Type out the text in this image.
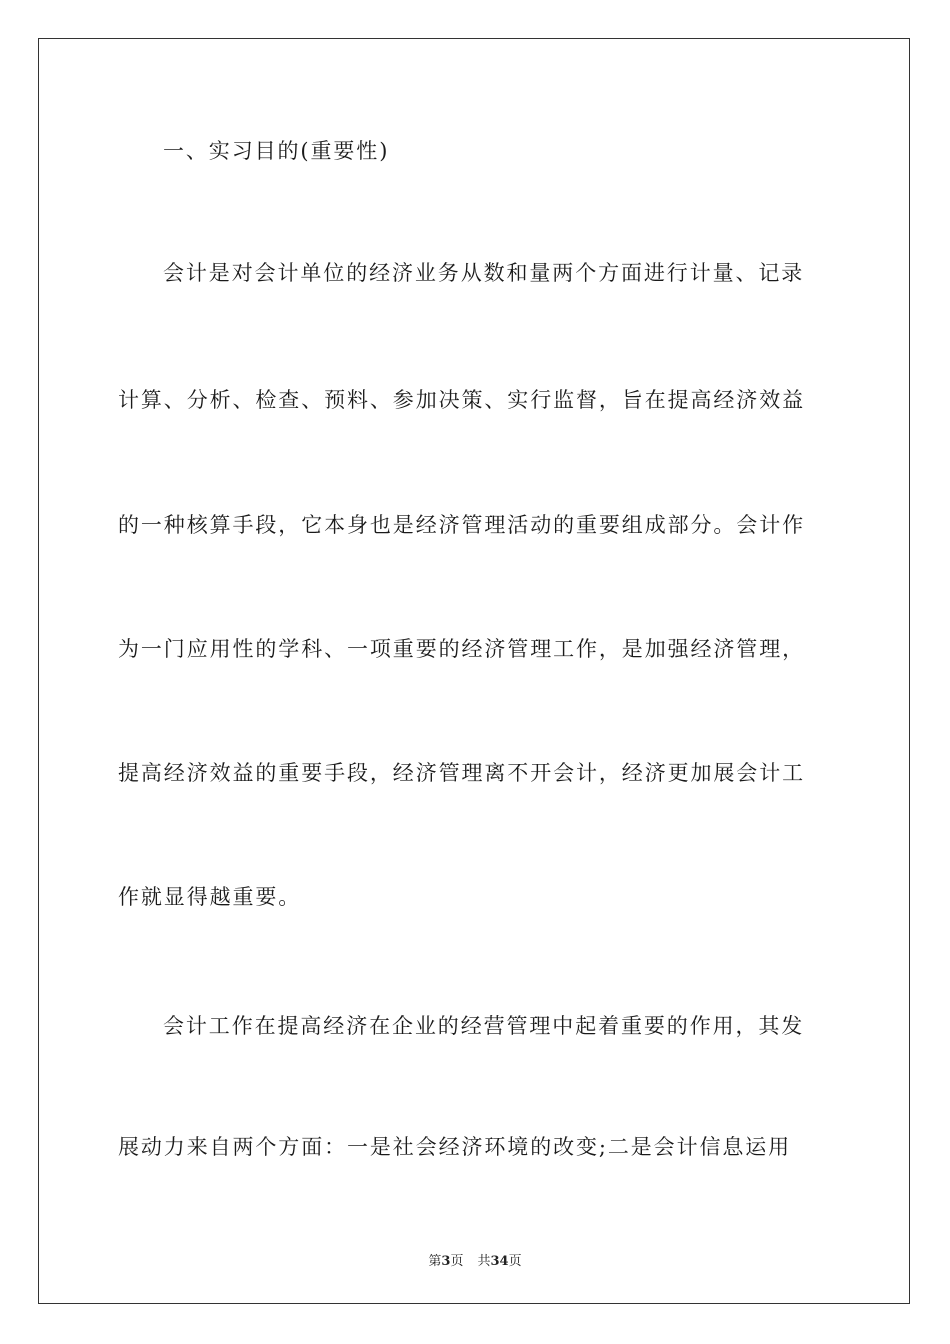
一、实习目的(重要性)
会计是对会计单位的经济业务从数和量两个方面进行计量、记录
计算、分析、检查、预料、参加决策、实行监督，旨在提高经济效益
的一种核算手段，它本身也是经济管理活动的重要组成部分。会计作
为一门应用性的学科、一项重要的经济管理工作，是加强经济管理，
提高经济效益的重要手段，经济管理离不开会计，经济更加展会计工
作就显得越重要。
会计工作在提高经济在企业的经营管理中起着重要的作用，其发
展动力来自两个方面：一是社会经济环境的改变;二是会计信息运用
第3页 共34页
